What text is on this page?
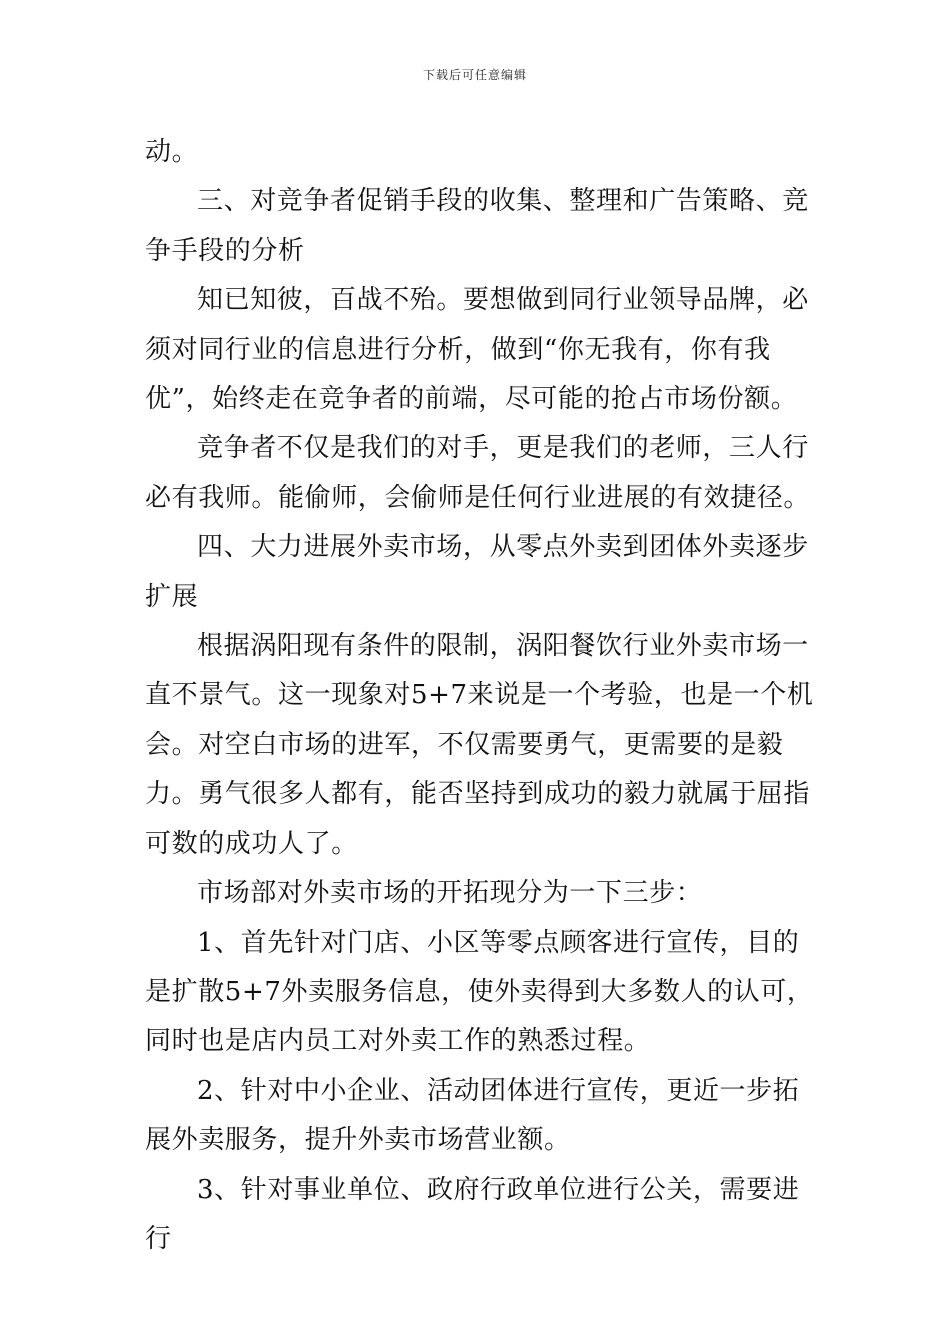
下载后可任意编辑

动。

三、对竞争者促销手段的收集、整理和广告策略、竞争手段的分析

知已知彼，百战不殆。要想做到同行业领导品牌，必须对同行业的信息进行分析，做到“你无我有，你有我优”，始终走在竞争者的前端，尽可能的抢占市场份额。

竞争者不仅是我们的对手，更是我们的老师，三人行必有我师。能偷师，会偷师是任何行业进展的有效捷径。

四、大力进展外卖市场，从零点外卖到团体外卖逐步扩展

根据涡阳现有条件的限制，涡阳餐饮行业外卖市场一直不景气。这一现象对5+7来说是一个考验，也是一个机会。对空白市场的进军，不仅需要勇气，更需要的是毅力。勇气很多人都有，能否坚持到成功的毅力就属于屈指可数的成功人了。

市场部对外卖市场的开拓现分为一下三步：

1、首先针对门店、小区等零点顾客进行宣传，目的是扩散5+7外卖服务信息，使外卖得到大多数人的认可，同时也是店内员工对外卖工作的熟悉过程。

2、针对中小企业、活动团体进行宣传，更近一步拓展外卖服务，提升外卖市场营业额。

3、针对事业单位、政府行政单位进行公关，需要进行
